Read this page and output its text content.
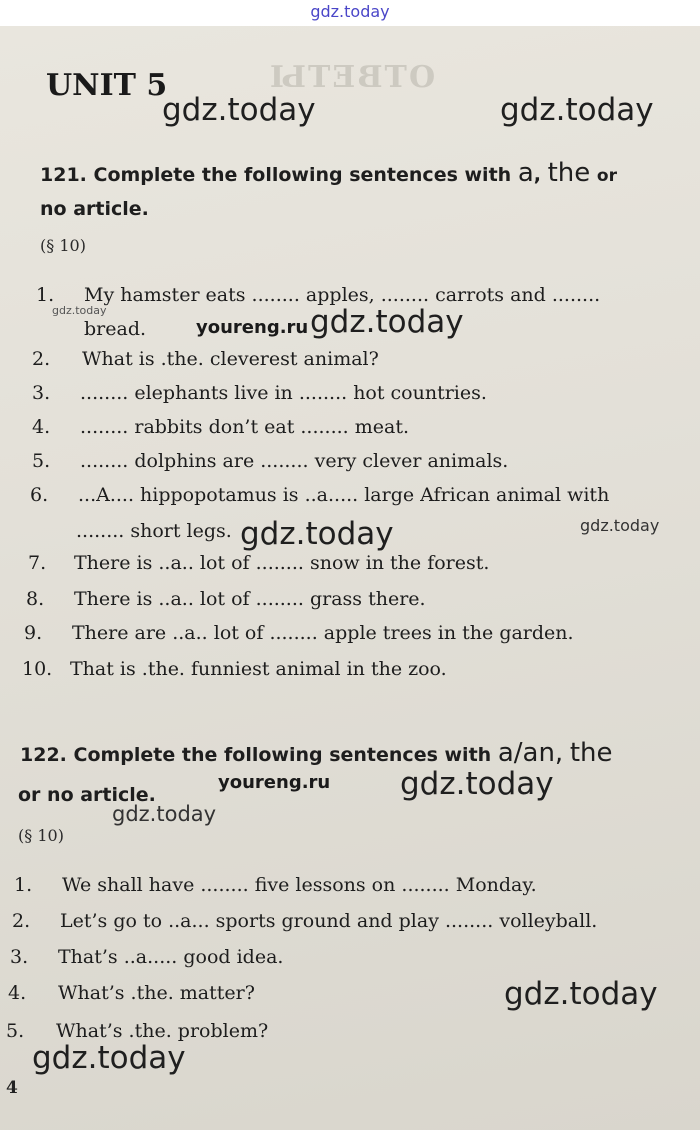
gdz.today
ОТВЕТЫ
UNIT 5
gdz.today	gdz.today
gdz.today	gdz.today
youreng.ru
gdz.today	gdz.today
youreng.ru gdz.today
gdz.today
gdz.today
gdz.today
121. Complete the following sentences with a, the or
no article.
(§ 10)
1. My hamster eats ........ apples, ........ carrots and ........
bread.
2. What is .the. cleverest animal?
3. ........ elephants live in ........ hot countries.
4. ........ rabbits don’t eat ........ meat.
5. ........ dolphins are ........ very clever animals.
6. ...A.... hippopotamus is ..a..... large African animal with
........ short legs.
7. There is ..a.. lot of ........ snow in the forest.
8. There is ..a.. lot of ........ grass there.
9. There are ..a.. lot of ........ apple trees in the garden.
10. That is .the. funniest animal in the zoo.
122. Complete the following sentences with a/an, the
or no article.
(§ 10)
1. We shall have ........ five lessons on ........ Monday.
2. Let’s go to ..a... sports ground and play ........ volleyball.
3. That’s ..a..... good idea.
4. What’s .the. matter?
5. What’s .the. problem?
4
